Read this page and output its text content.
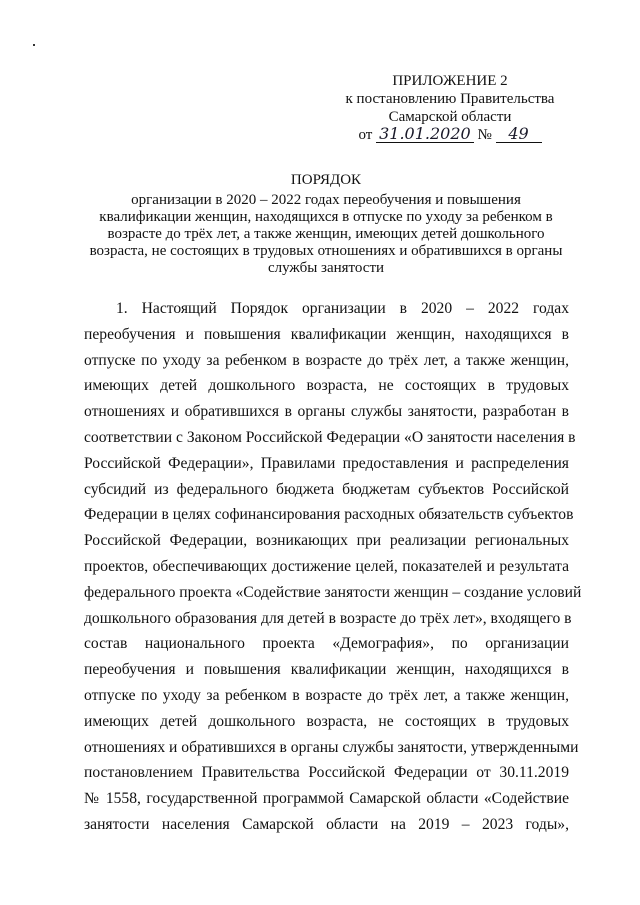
ПРИЛОЖЕНИЕ 2
к постановлению Правительства
Самарской области
от 31.01.2020 № 49
ПОРЯДОК
организации в 2020 – 2022 годах переобучения и повышения
квалификации женщин, находящихся в отпуске по уходу за ребенком в
возрасте до трёх лет, а также женщин, имеющих детей дошкольного
возраста, не состоящих в трудовых отношениях и обратившихся в органы
службы занятости
1. Настоящий Порядок организации в 2020 – 2022 годах
переобучения и повышения квалификации женщин, находящихся в
отпуске по уходу за ребенком в возрасте до трёх лет, а также женщин,
имеющих детей дошкольного возраста, не состоящих в трудовых
отношениях и обратившихся в органы службы занятости, разработан в
соответствии с Законом Российской Федерации «О занятости населения в
Российской Федерации», Правилами предоставления и распределения
субсидий из федерального бюджета бюджетам субъектов Российской
Федерации в целях софинансирования расходных обязательств субъектов
Российской Федерации, возникающих при реализации региональных
проектов, обеспечивающих достижение целей, показателей и результата
федерального проекта «Содействие занятости женщин – создание условий
дошкольного образования для детей в возрасте до трёх лет», входящего в
состав национального проекта «Демография», по организации
переобучения и повышения квалификации женщин, находящихся в
отпуске по уходу за ребенком в возрасте до трёх лет, а также женщин,
имеющих детей дошкольного возраста, не состоящих в трудовых
отношениях и обратившихся в органы службы занятости, утвержденными
постановлением Правительства Российской Федерации от 30.11.2019
№ 1558, государственной программой Самарской области «Содействие
занятости населения Самарской области на 2019 – 2023 годы»,
